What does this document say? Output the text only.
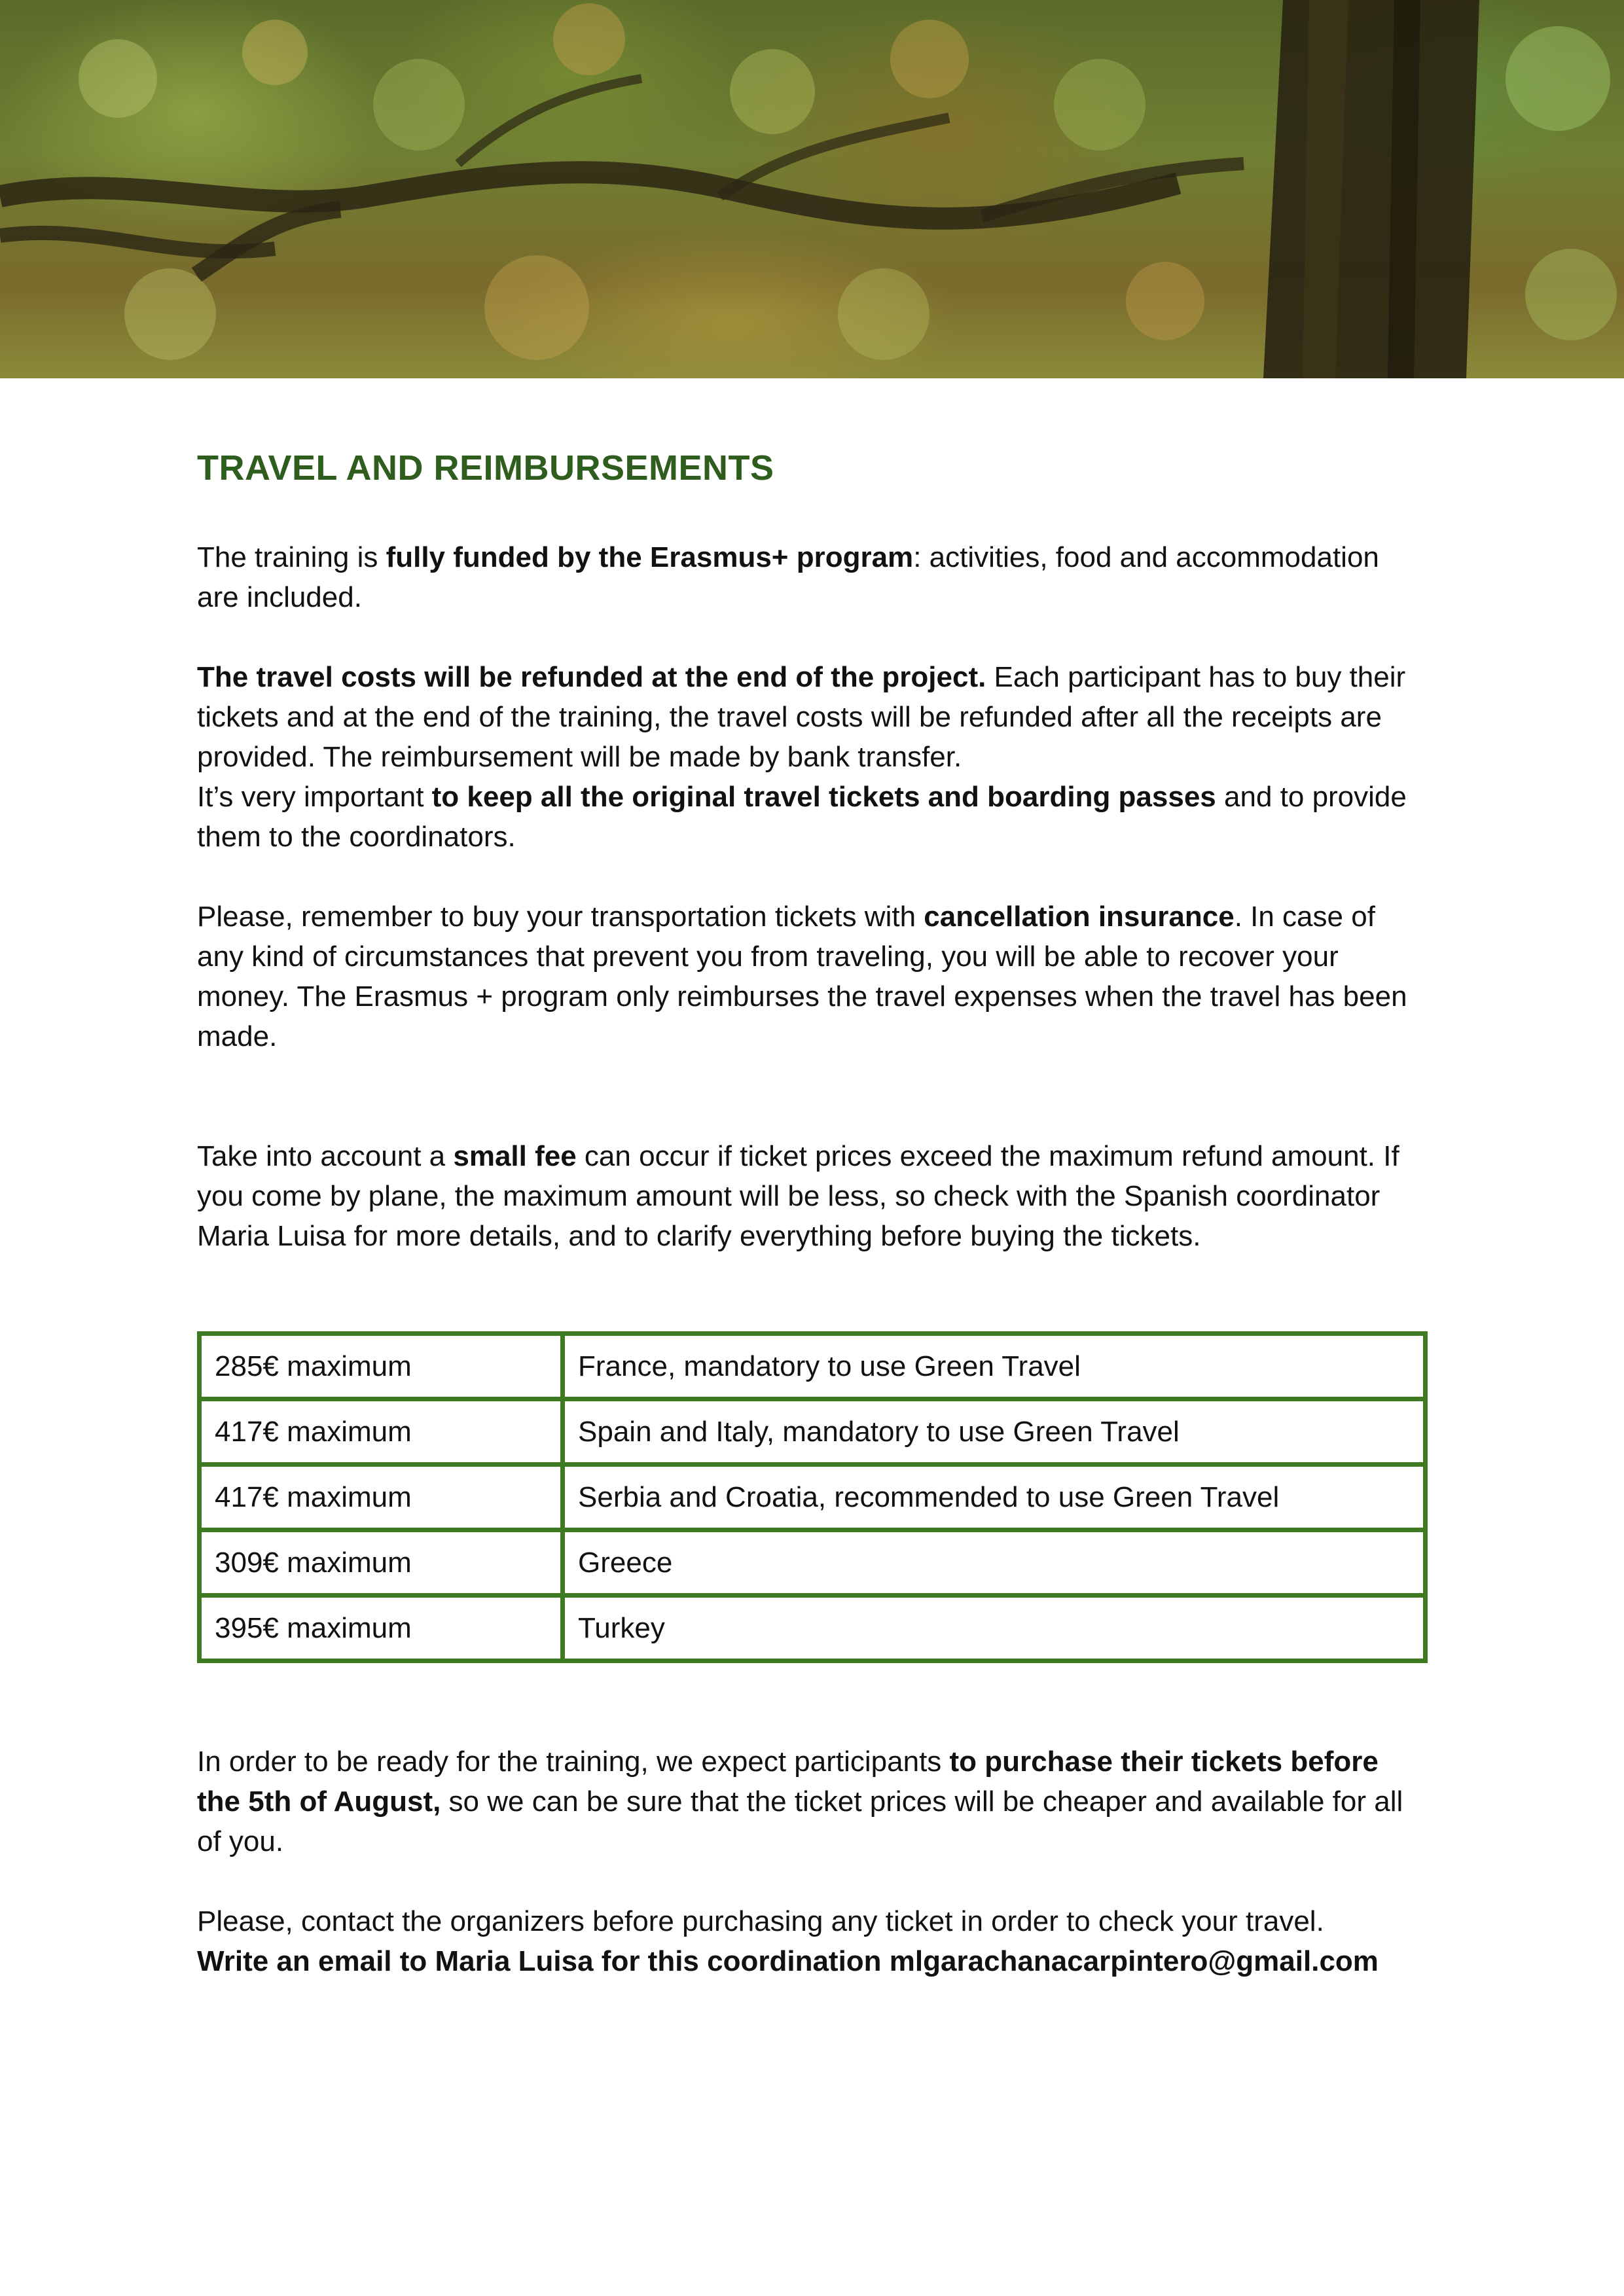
TRAVEL AND REIMBURSEMENTS

The training is fully funded by the Erasmus+ program: activities, food and accommodation are included.

The travel costs will be refunded at the end of the project. Each participant has to buy their tickets and at the end of the training, the travel costs will be refunded after all the receipts are provided. The reimbursement will be made by bank transfer.

It’s very important to keep all the original travel tickets and boarding passes and to provide them to the coordinators.

Please, remember to buy your transportation tickets with cancellation insurance. In case of any kind of circumstances that prevent you from traveling, you will be able to recover your money. The Erasmus + program only reimburses the travel expenses when the travel has been made.

Take into account a small fee can occur if ticket prices exceed the maximum refund amount. If you come by plane, the maximum amount will be less, so check with the Spanish coordinator Maria Luisa for more details, and to clarify everything before buying the tickets.

285€ maximum	France, mandatory to use Green Travel
417€ maximum	Spain and Italy, mandatory to use Green Travel
417€ maximum	Serbia and Croatia, recommended to use Green Travel
309€ maximum	Greece
395€ maximum	Turkey

In order to be ready for the training, we expect participants to purchase their tickets before the 5th of August, so we can be sure that the ticket prices will be cheaper and available for all of you.

Please, contact the organizers before purchasing any ticket in order to check your travel.

Write an email to Maria Luisa for this coordination mlgarachanacarpintero@gmail.com
